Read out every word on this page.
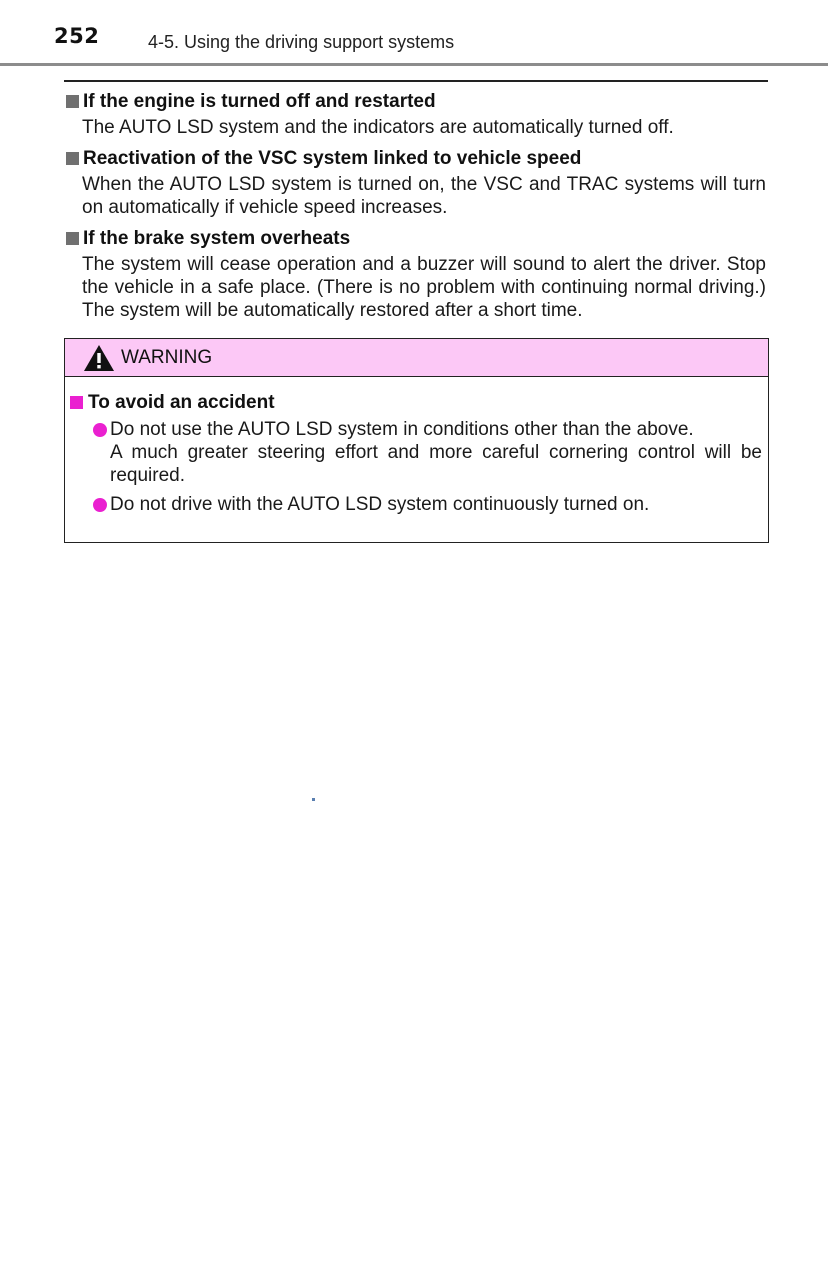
252	4-5. Using the driving support systems
If the engine is turned off and restarted
The AUTO LSD system and the indicators are automatically turned off.
Reactivation of the VSC system linked to vehicle speed
When the AUTO LSD system is turned on, the VSC and TRAC systems will turn on automatically if vehicle speed increases.
If the brake system overheats
The system will cease operation and a buzzer will sound to alert the driver. Stop the vehicle in a safe place. (There is no problem with continuing normal driving.) The system will be automatically restored after a short time.
WARNING
To avoid an accident
Do not use the AUTO LSD system in conditions other than the above.
A much greater steering effort and more careful cornering control will be required.
Do not drive with the AUTO LSD system continuously turned on.
